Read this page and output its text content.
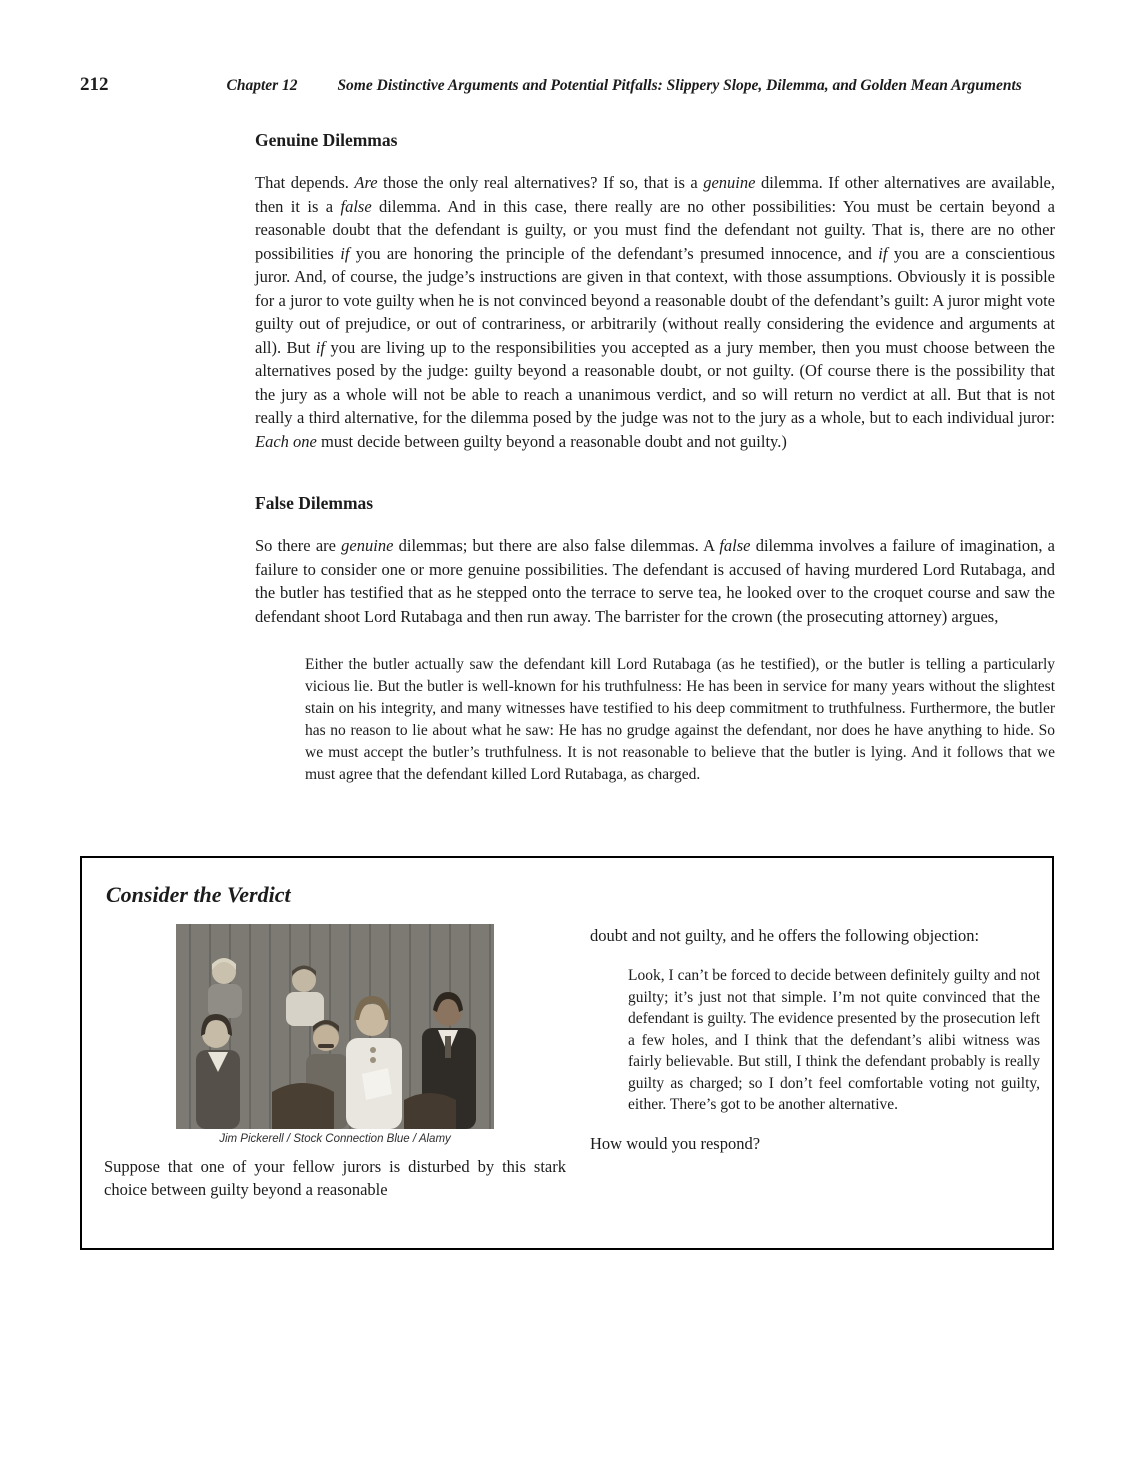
212	Chapter 12	Some Distinctive Arguments and Potential Pitfalls: Slippery Slope, Dilemma, and Golden Mean Arguments
Genuine Dilemmas

That depends. Are those the only real alternatives? If so, that is a genuine dilemma. If other alternatives are available, then it is a false dilemma. And in this case, there really are no other possibilities: You must be certain beyond a reasonable doubt that the defendant is guilty, or you must find the defendant not guilty. That is, there are no other possibilities if you are honoring the principle of the defendant’s presumed innocence, and if you are a conscientious juror. And, of course, the judge’s instructions are given in that context, with those assumptions. Obviously it is possible for a juror to vote guilty when he is not convinced beyond a reasonable doubt of the defendant’s guilt: A juror might vote guilty out of prejudice, or out of contrariness, or arbitrarily (without really considering the evidence and arguments at all). But if you are living up to the responsibilities you accepted as a jury member, then you must choose between the alternatives posed by the judge: guilty beyond a reasonable doubt, or not guilty. (Of course there is the possibility that the jury as a whole will not be able to reach a unanimous verdict, and so will return no verdict at all. But that is not really a third alternative, for the dilemma posed by the judge was not to the jury as a whole, but to each individual juror: Each one must decide between guilty beyond a reasonable doubt and not guilty.)

False Dilemmas

So there are genuine dilemmas; but there are also false dilemmas. A false dilemma involves a failure of imagination, a failure to consider one or more genuine possibilities. The defendant is accused of having murdered Lord Rutabaga, and the butler has testified that as he stepped onto the terrace to serve tea, he looked over to the croquet course and saw the defendant shoot Lord Rutabaga and then run away. The barrister for the crown (the prosecuting attorney) argues,

Either the butler actually saw the defendant kill Lord Rutabaga (as he testified), or the butler is telling a particularly vicious lie. But the butler is well-known for his truthfulness: He has been in service for many years without the slightest stain on his integrity, and many witnesses have testified to his deep commitment to truthfulness. Furthermore, the butler has no reason to lie about what he saw: He has no grudge against the defendant, nor does he have anything to hide. So we must accept the butler’s truthfulness. It is not reasonable to believe that the butler is lying. And it follows that we must agree that the defendant killed Lord Rutabaga, as charged.
Consider the Verdict
Jim Pickerell / Stock Connection Blue / Alamy

Suppose that one of your fellow jurors is disturbed by this stark choice between guilty beyond a reasonable

doubt and not guilty, and he offers the following objection:

Look, I can’t be forced to decide between definitely guilty and not guilty; it’s just not that simple. I’m not quite convinced that the defendant is guilty. The evidence presented by the prosecution left a few holes, and I think that the defendant’s alibi witness was fairly believable. But still, I think the defendant probably is really guilty as charged; so I don’t feel comfortable voting not guilty, either. There’s got to be another alternative.

How would you respond?
